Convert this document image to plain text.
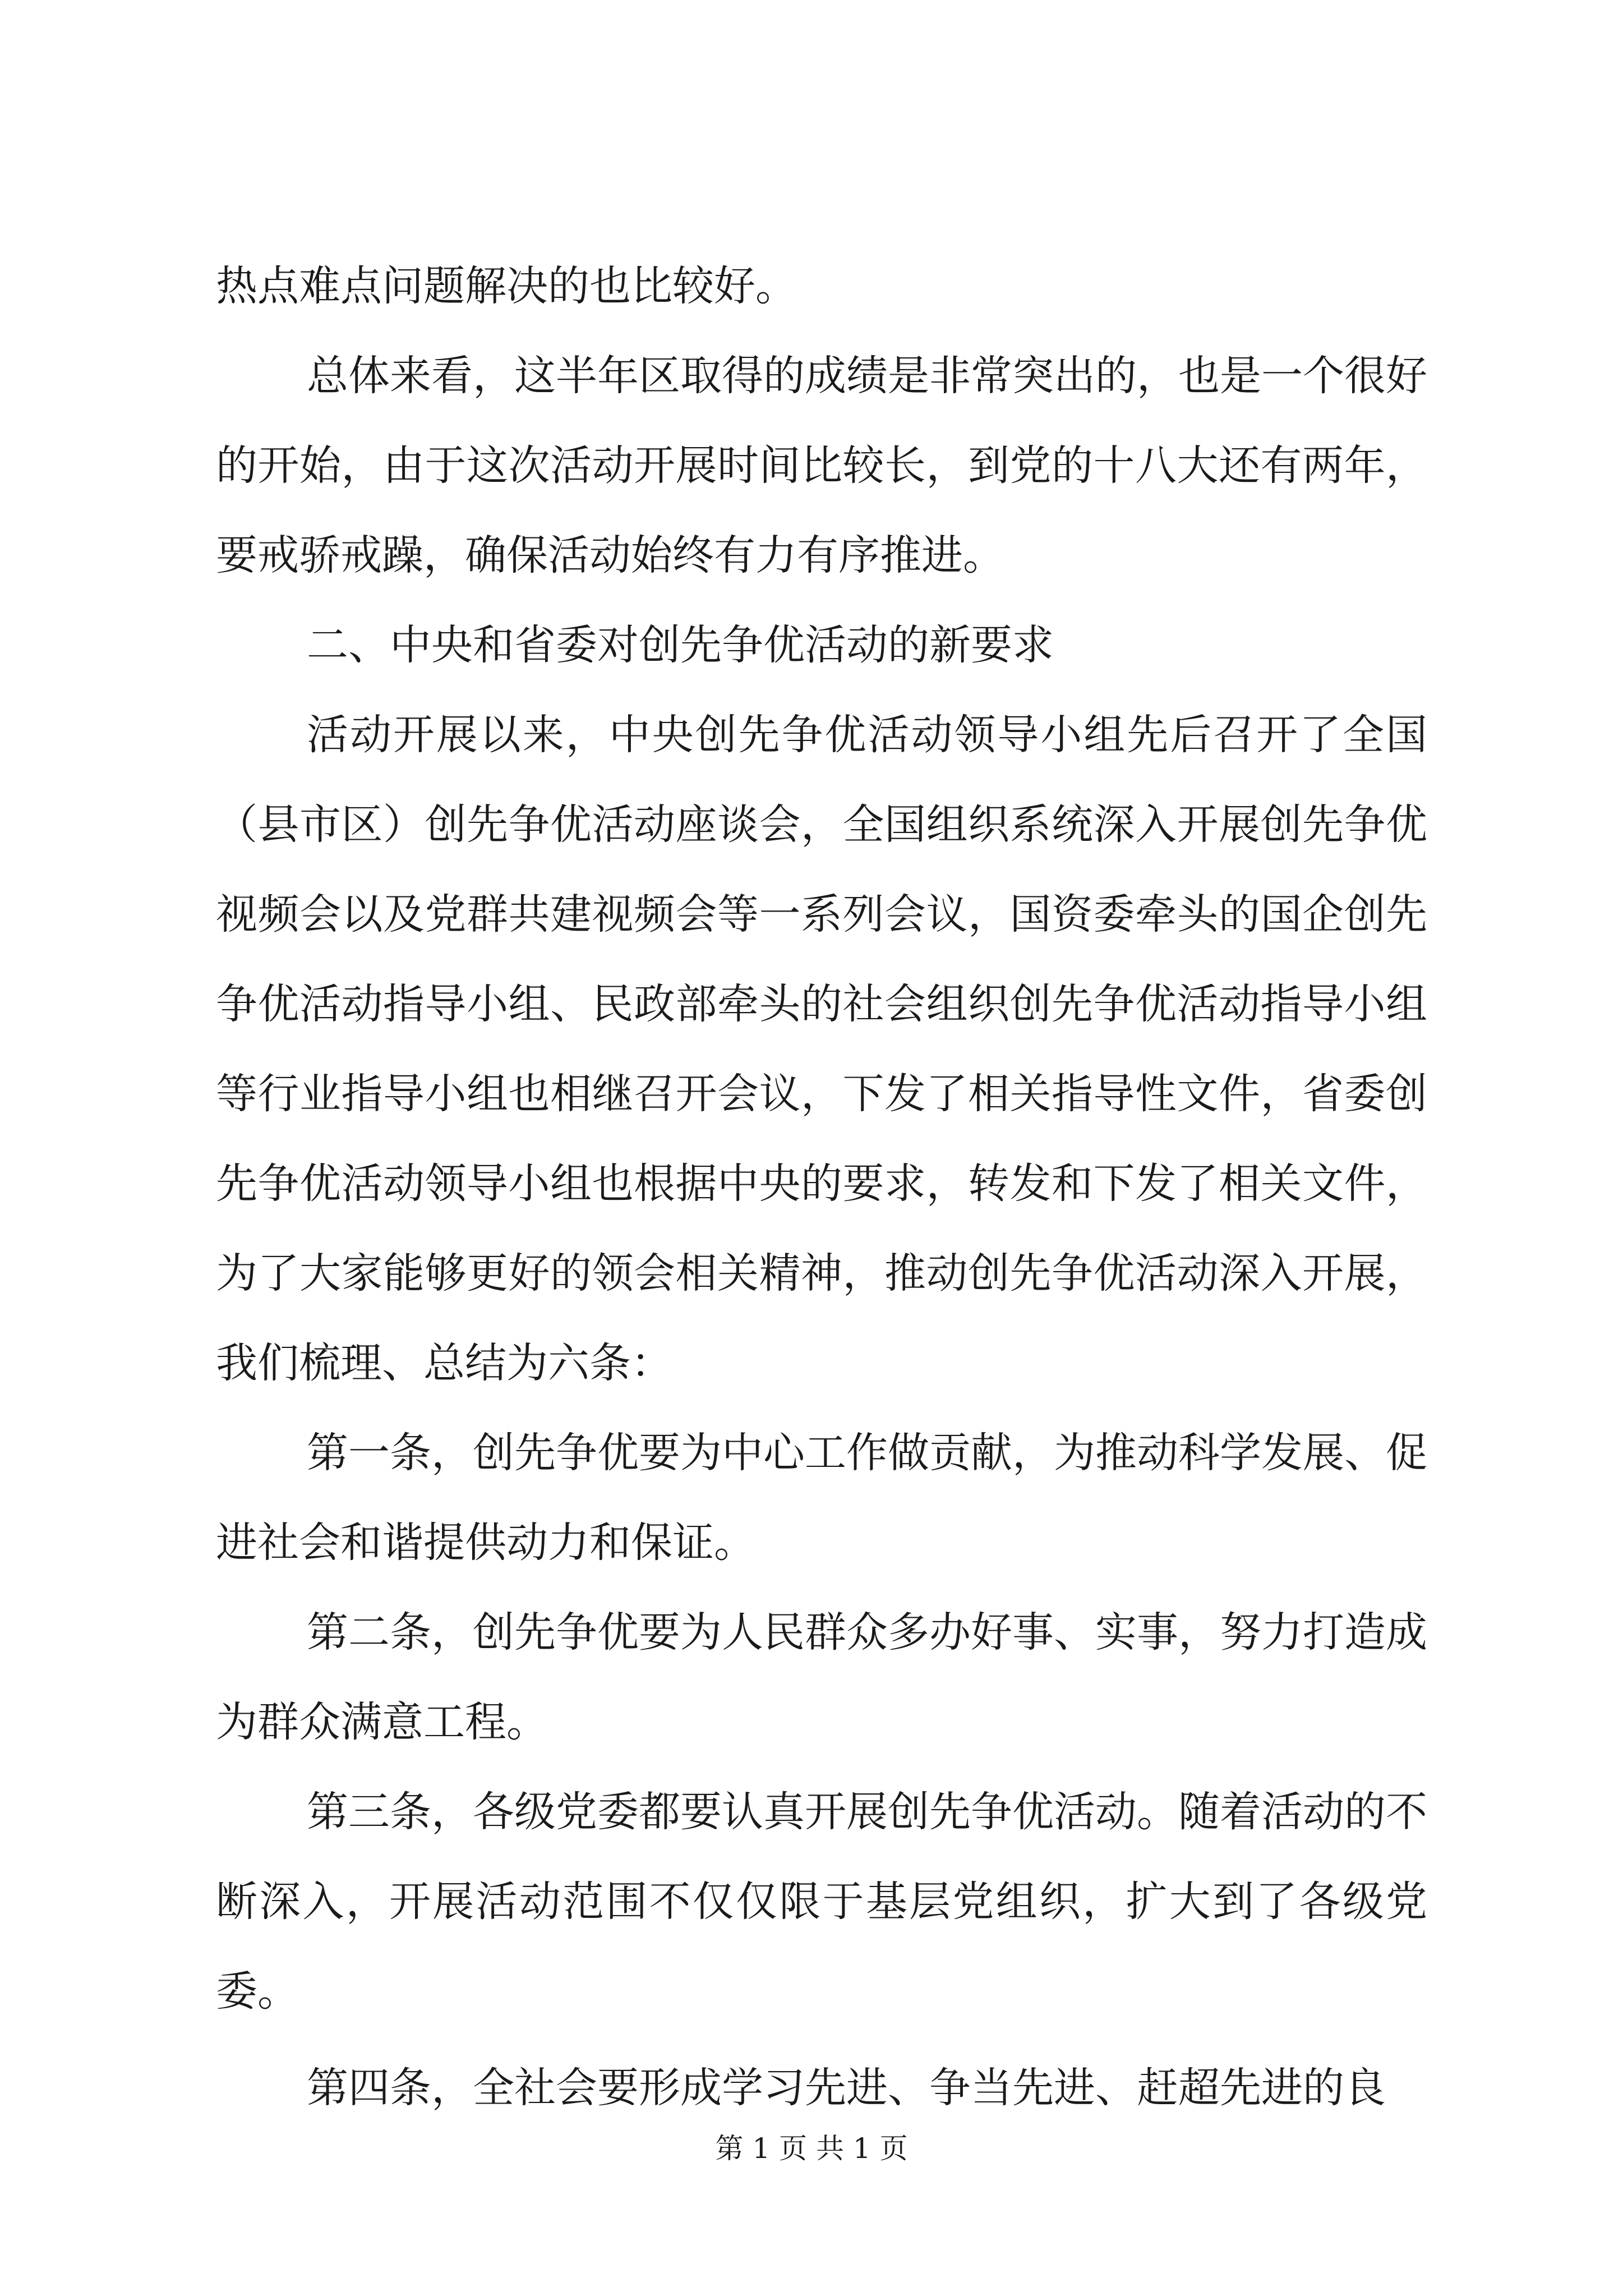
热点难点问题解决的也比较好。

总体来看，这半年区取得的成绩是非常突出的，也是一个很好的开始，由于这次活动开展时间比较长，到党的十八大还有两年，要戒骄戒躁，确保活动始终有力有序推进。

二、中央和省委对创先争优活动的新要求

活动开展以来，中央创先争优活动领导小组先后召开了全国（县市区）创先争优活动座谈会，全国组织系统深入开展创先争优视频会以及党群共建视频会等一系列会议，国资委牵头的国企创先争优活动指导小组、民政部牵头的社会组织创先争优活动指导小组等行业指导小组也相继召开会议，下发了相关指导性文件，省委创先争优活动领导小组也根据中央的要求，转发和下发了相关文件，为了大家能够更好的领会相关精神，推动创先争优活动深入开展，我们梳理、总结为六条：

第一条，创先争优要为中心工作做贡献，为推动科学发展、促进社会和谐提供动力和保证。

第二条，创先争优要为人民群众多办好事、实事，努力打造成为群众满意工程。

第三条，各级党委都要认真开展创先争优活动。随着活动的不断深入，开展活动范围不仅仅限于基层党组织，扩大到了各级党委。

第四条，全社会要形成学习先进、争当先进、赶超先进的良

第 1 页 共 1 页
